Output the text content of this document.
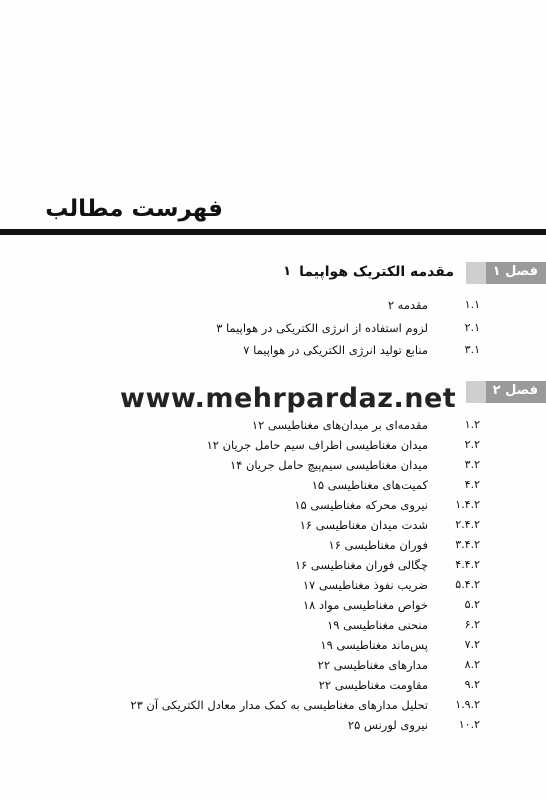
فهرست مطالب
فصل ۱
مقدمه الکتریک هواپیما
۱
۱.۱
مقدمه ۲
۲.۱
لزوم استفاده از انرژی الکتریکی در هواپیما ۳
۳.۱
منابع تولید انرژی الکتریکی در هواپیما ۷
فصل ۲
۱.۲
مقدمه‌ای بر میدان‌های مغناطیسی ۱۲
۲.۲
میدان مغناطیسی اطراف سیم حامل جریان ۱۲
۳.۲
میدان مغناطیسی سیم‌پیچ حامل جریان ۱۴
۴.۲
کمیت‌های مغناطیسی ۱۵
۱.۴.۲
نیروی محرکه مغناطیسی ۱۵
۲.۴.۲
شدت میدان مغناطیسی ۱۶
۳.۴.۲
فوران مغناطیسی ۱۶
۴.۴.۲
چگالی فوران مغناطیسی ۱۶
۵.۴.۲
ضریب نفوذ مغناطیسی ۱۷
۵.۲
خواص مغناطیسی مواد ۱۸
۶.۲
منحنی مغناطیسی ۱۹
۷.۲
پس‌ماند مغناطیسی ۱۹
۸.۲
مدارهای مغناطیسی ۲۲
۹.۲
مقاومت مغناطیسی ۲۲
۱.۹.۲
تحلیل مدارهای مغناطیسی به کمک مدار معادل الکتریکی آن ۲۳
۱۰.۲
نیروی لورنس ۲۵
www.mehrpardaz.net
